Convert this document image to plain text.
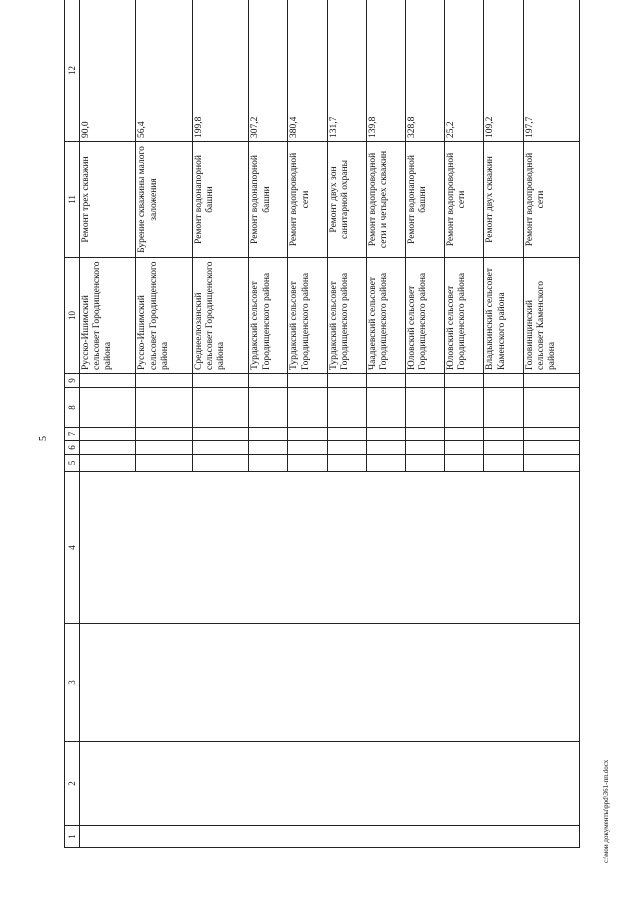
5
1	2	3	4	5	6	7	8	9	10	11	12
									Русско-Ишимский сельсовет Городищенского района	Ремонт трех скважин	90,0
									Русско-Ишимский сельсовет Городищенского района	Бурение скважины малого заложения	56,4
									Среднеелюзанский сельсовет Городищенского района	Ремонт водонапорной башни	199,8
									Турдакский сельсовет Городищенского района	Ремонт водонапорной башни	307,2
									Турдакский сельсовет Городищенского района	Ремонт водопроводной сети	380,4
									Турдакский сельсовет Городищенского района	Ремонт двух зон санитарной охраны	131,7
									Чаадаевский сельсовет Городищенского района	Ремонт водопроводной сети и четырех скважин	139,8
									Юловский сельсовет Городищенского района	Ремонт водонапорной башни	328,8
									Юловский сельсовет Городищенского района	Ремонт водопроводной сети	25,2
									Владыкинский сельсовет Каменского района	Ремонт двух скважин	109,2
									Головинщинский сельсовет Каменского района	Ремонт водопроводной сети	197,7
c:\мои документы\ppd\361-пп.docx
